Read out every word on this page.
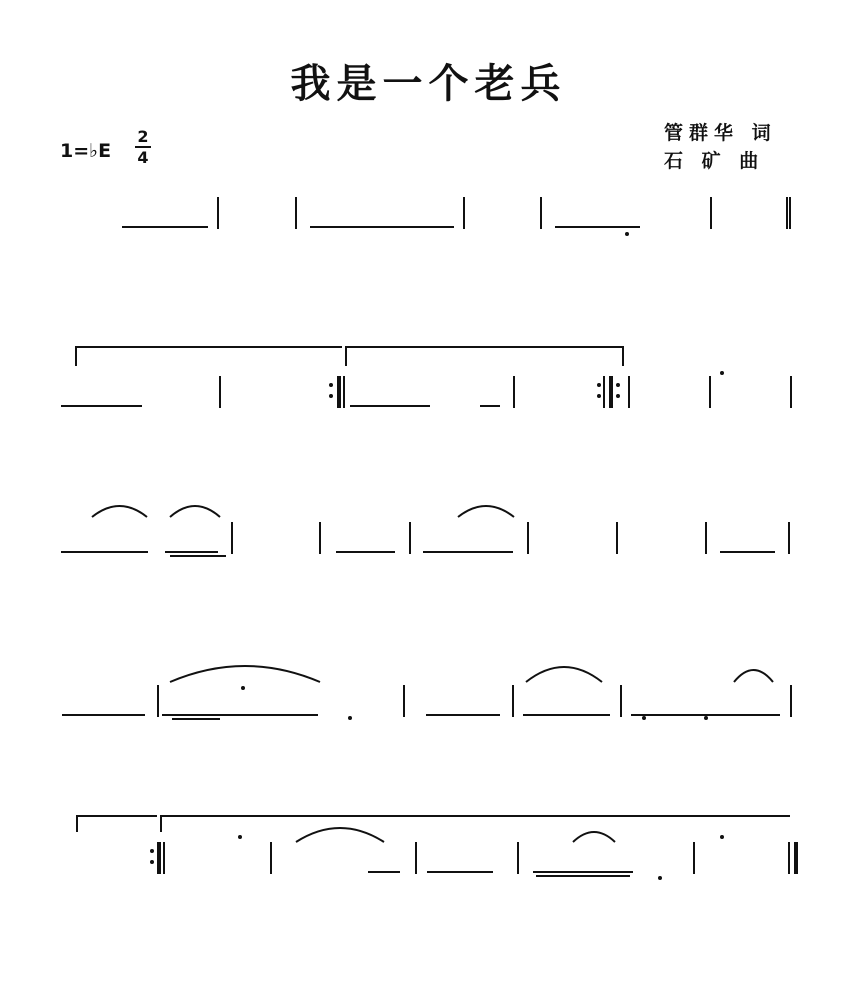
我是一个老兵
1=♭E
2
4
管群华 词
石 矿 曲
